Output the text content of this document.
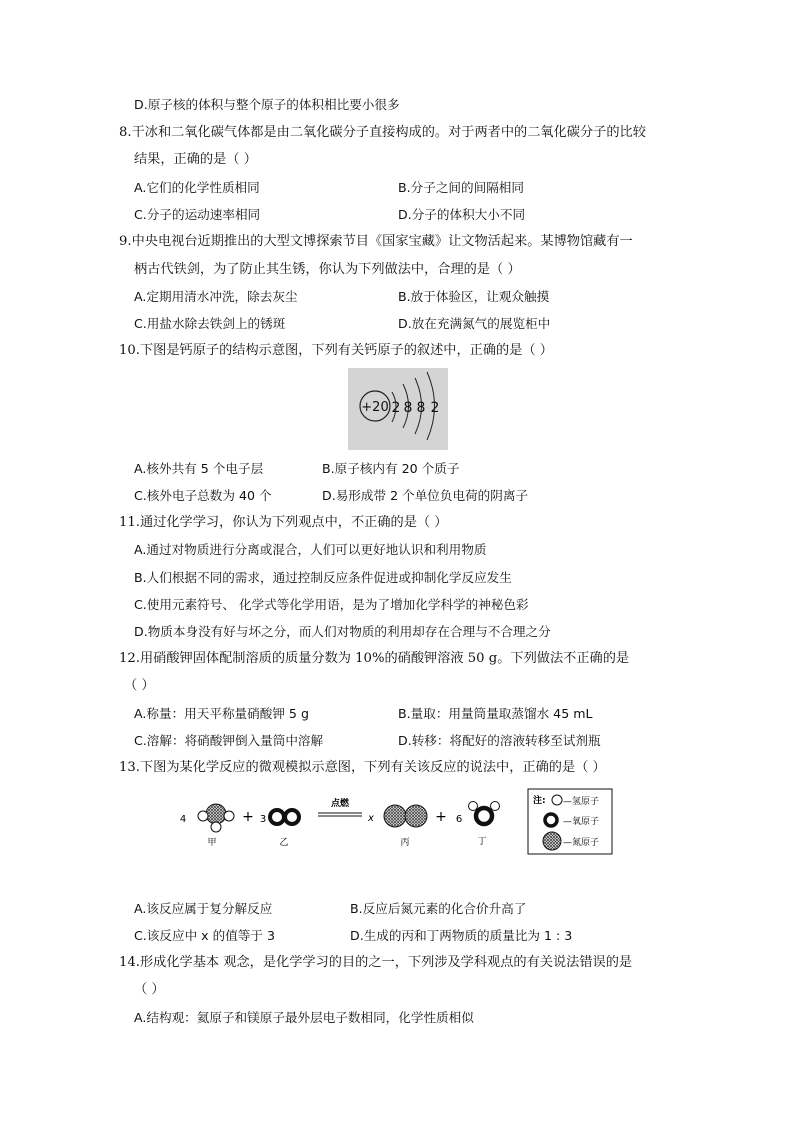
D.原子核的体积与整个原子的体积相比要小很多
8.干冰和二氧化碳气体都是由二氧化碳分子直接构成的。对于两者中的二氧化碳分子的比较
结果，正确的是（ ）
A.它们的化学性质相同	B.分子之间的间隔相同
C.分子的运动速率相同	D.分子的体积大小不同
9.中央电视台近期推出的大型文博探索节目《国家宝藏》让文物活起来。某博物馆藏有一
柄古代铁剑，为了防止其生锈，你认为下列做法中，合理的是（ ）
A.定期用清水冲洗，除去灰尘	B.放于体验区，让观众触摸
C.用盐水除去铁剑上的锈斑	D.放在充满氮气的展览柜中
10.下图是钙原子的结构示意图，下列有关钙原子的叙述中，正确的是（ ）
+20 2 8 8 2
A.核外共有 5 个电子层	B.原子核内有 20 个质子
C.核外电子总数为 40 个	D.易形成带 2 个单位负电荷的阴离子
11.通过化学学习，你认为下列观点中，不正确的是（ ）
A.通过对物质进行分离或混合，人们可以更好地认识和利用物质
B.人们根据不同的需求，通过控制反应条件促进或抑制化学反应发生
C.使用元素符号、 化学式等化学用语，是为了增加化学科学的神秘色彩
D.物质本身没有好与坏之分，而人们对物质的利用却存在合理与不合理之分
12.用硝酸钾固体配制溶质的质量分数为 10%的硝酸钾溶液 50 g。下列做法不正确的是
（ ）
A.称量：用天平称量硝酸钾 5 g	B.量取：用量筒量取蒸馏水 45 mL
C.溶解：将硝酸钾倒入量筒中溶解	D.转移：将配好的溶液转移至试剂瓶
13.下图为某化学反应的微观模拟示意图，下列有关该反应的说法中，正确的是（ ）
4
甲
+ 3
乙
点燃
x
丙
+ 6
丁
注: —氢原子
—氧原子
—氮原子
A.该反应属于复分解反应	B.反应后氮元素的化合价升高了
C.该反应中 x 的值等于 3	D.生成的丙和丁两物质的质量比为 1 : 3
14.形成化学基本 观念，是化学学习的目的之一，下列涉及学科观点的有关说法错误的是
（ ）
A.结构观：氦原子和镁原子最外层电子数相同，化学性质相似
